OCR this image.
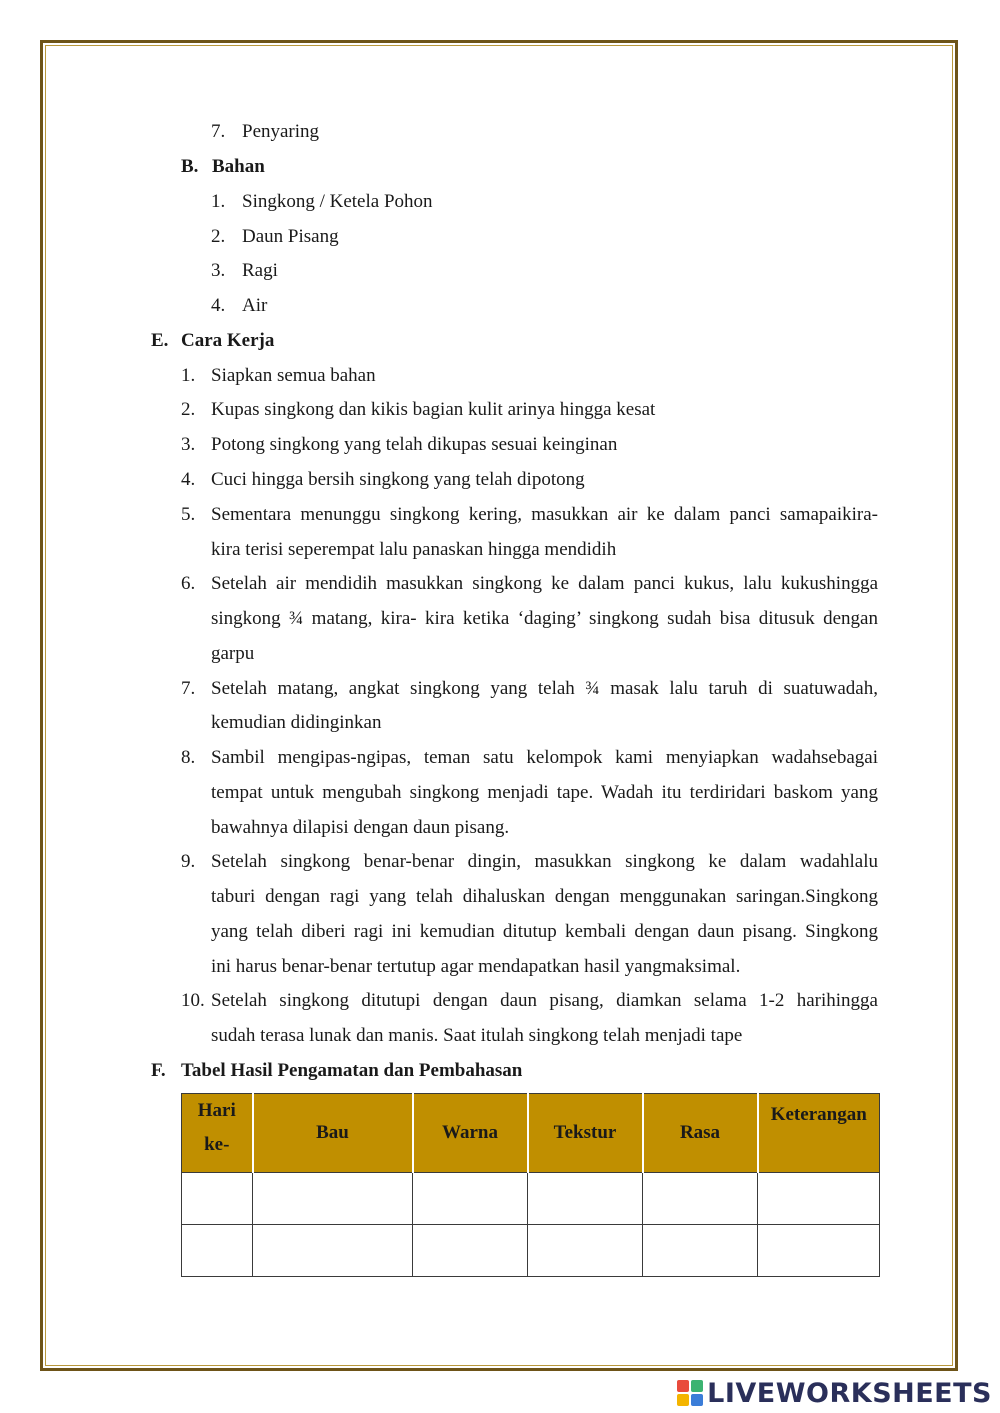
7. Penyaring
B. Bahan
1. Singkong / Ketela Pohon
2. Daun Pisang
3. Ragi
4. Air
E. Cara Kerja
1. Siapkan semua bahan
2. Kupas singkong dan kikis bagian kulit arinya hingga kesat
3. Potong singkong yang telah dikupas sesuai keinginan
4. Cuci hingga bersih singkong yang telah dipotong
5. Sementara menunggu singkong kering, masukkan air ke dalam panci samapaikira-
kira terisi seperempat lalu panaskan hingga mendidih
6. Setelah air mendidih masukkan singkong ke dalam panci kukus, lalu kukushingga
singkong ¾ matang, kira- kira ketika ‘daging’ singkong sudah bisa ditusuk dengan
garpu
7. Setelah matang, angkat singkong yang telah ¾ masak lalu taruh di suatuwadah,
kemudian didinginkan
8. Sambil mengipas-ngipas, teman satu kelompok kami menyiapkan wadahsebagai
tempat untuk mengubah singkong menjadi tape. Wadah itu terdiridari baskom yang
bawahnya dilapisi dengan daun pisang.
9. Setelah singkong benar-benar dingin, masukkan singkong ke dalam wadahlalu
taburi dengan ragi yang telah dihaluskan dengan menggunakan saringan.Singkong
yang telah diberi ragi ini kemudian ditutup kembali dengan daun pisang. Singkong
ini harus benar-benar tertutup agar mendapatkan hasil yangmaksimal.
10. Setelah singkong ditutupi dengan daun pisang, diamkan selama 1-2 harihingga
sudah terasa lunak dan manis. Saat itulah singkong telah menjadi tape
F. Tabel Hasil Pengamatan dan Pembahasan
Hari
ke-	Bau	Warna	Tekstur	Rasa	Keterangan

LIVEWORKSHEETS
